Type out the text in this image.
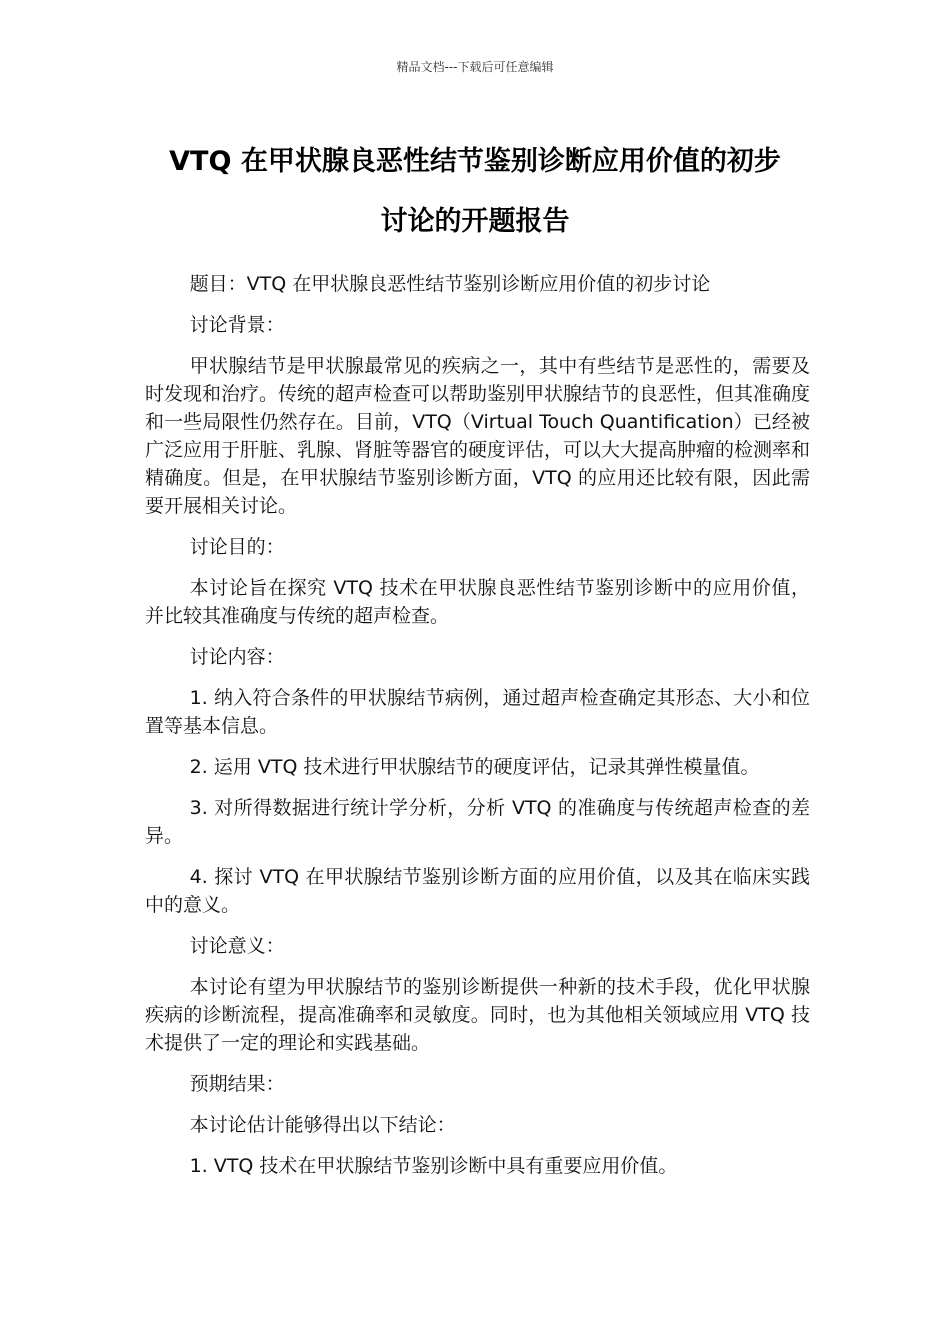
精品文档---下载后可任意编辑
VTQ 在甲状腺良恶性结节鉴别诊断应用价值的初步
讨论的开题报告

题目：VTQ 在甲状腺良恶性结节鉴别诊断应用价值的初步讨论

讨论背景：

甲状腺结节是甲状腺最常见的疾病之一，其中有些结节是恶性的，需要及时发现和治疗。传统的超声检查可以帮助鉴别甲状腺结节的良恶性，但其准确度和一些局限性仍然存在。目前，VTQ（Virtual Touch Quantification）已经被广泛应用于肝脏、乳腺、肾脏等器官的硬度评估，可以大大提高肿瘤的检测率和精确度。但是，在甲状腺结节鉴别诊断方面，VTQ 的应用还比较有限，因此需要开展相关讨论。

讨论目的：

本讨论旨在探究 VTQ 技术在甲状腺良恶性结节鉴别诊断中的应用价值，并比较其准确度与传统的超声检查。

讨论内容：

1. 纳入符合条件的甲状腺结节病例，通过超声检查确定其形态、大小和位置等基本信息。

2. 运用 VTQ 技术进行甲状腺结节的硬度评估，记录其弹性模量值。

3. 对所得数据进行统计学分析，分析 VTQ 的准确度与传统超声检查的差异。

4. 探讨 VTQ 在甲状腺结节鉴别诊断方面的应用价值，以及其在临床实践中的意义。

讨论意义：

本讨论有望为甲状腺结节的鉴别诊断提供一种新的技术手段，优化甲状腺疾病的诊断流程，提高准确率和灵敏度。同时，也为其他相关领域应用 VTQ 技术提供了一定的理论和实践基础。

预期结果：

本讨论估计能够得出以下结论：

1. VTQ 技术在甲状腺结节鉴别诊断中具有重要应用价值。
